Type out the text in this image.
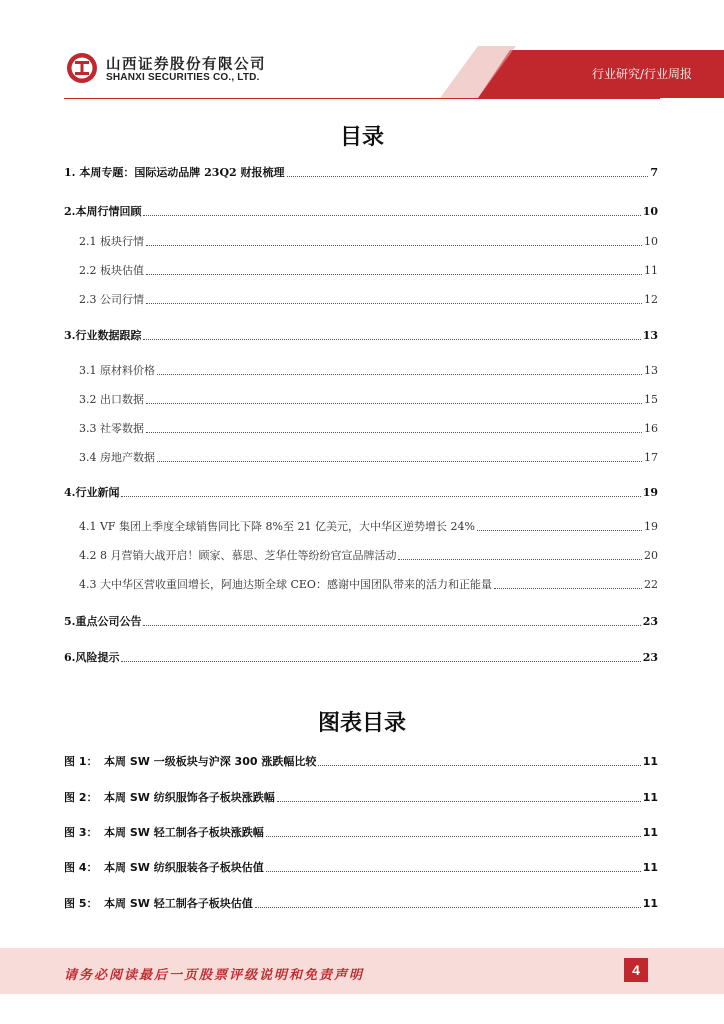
山西证券股份有限公司
SHANXI SECURITIES CO., LTD.	行业研究/行业周报
目录
1. 本周专题：国际运动品牌 23Q2 财报梳理	7
2.本周行情回顾	10
2.1 板块行情	10
2.2 板块估值	11
2.3 公司行情	12
3.行业数据跟踪	13
3.1 原材料价格	13
3.2 出口数据	15
3.3 社零数据	16
3.4 房地产数据	17
4.行业新闻	19
4.1 VF 集团上季度全球销售同比下降 8%至 21 亿美元，大中华区逆势增长 24%	19
4.2 8 月营销大战开启！顾家、慕思、芝华仕等纷纷官宣品牌活动	20
4.3 大中华区营收重回增长，阿迪达斯全球 CEO：感谢中国团队带来的活力和正能量	22
5.重点公司公告	23
6.风险提示	23
图表目录
图 1： 本周 SW 一级板块与沪深 300 涨跌幅比较	11
图 2： 本周 SW 纺织服饰各子板块涨跌幅	11
图 3： 本周 SW 轻工制各子板块涨跌幅	11
图 4： 本周 SW 纺织服装各子板块估值	11
图 5： 本周 SW 轻工制各子板块估值	11
请务必阅读最后一页股票评级说明和免责声明	4
